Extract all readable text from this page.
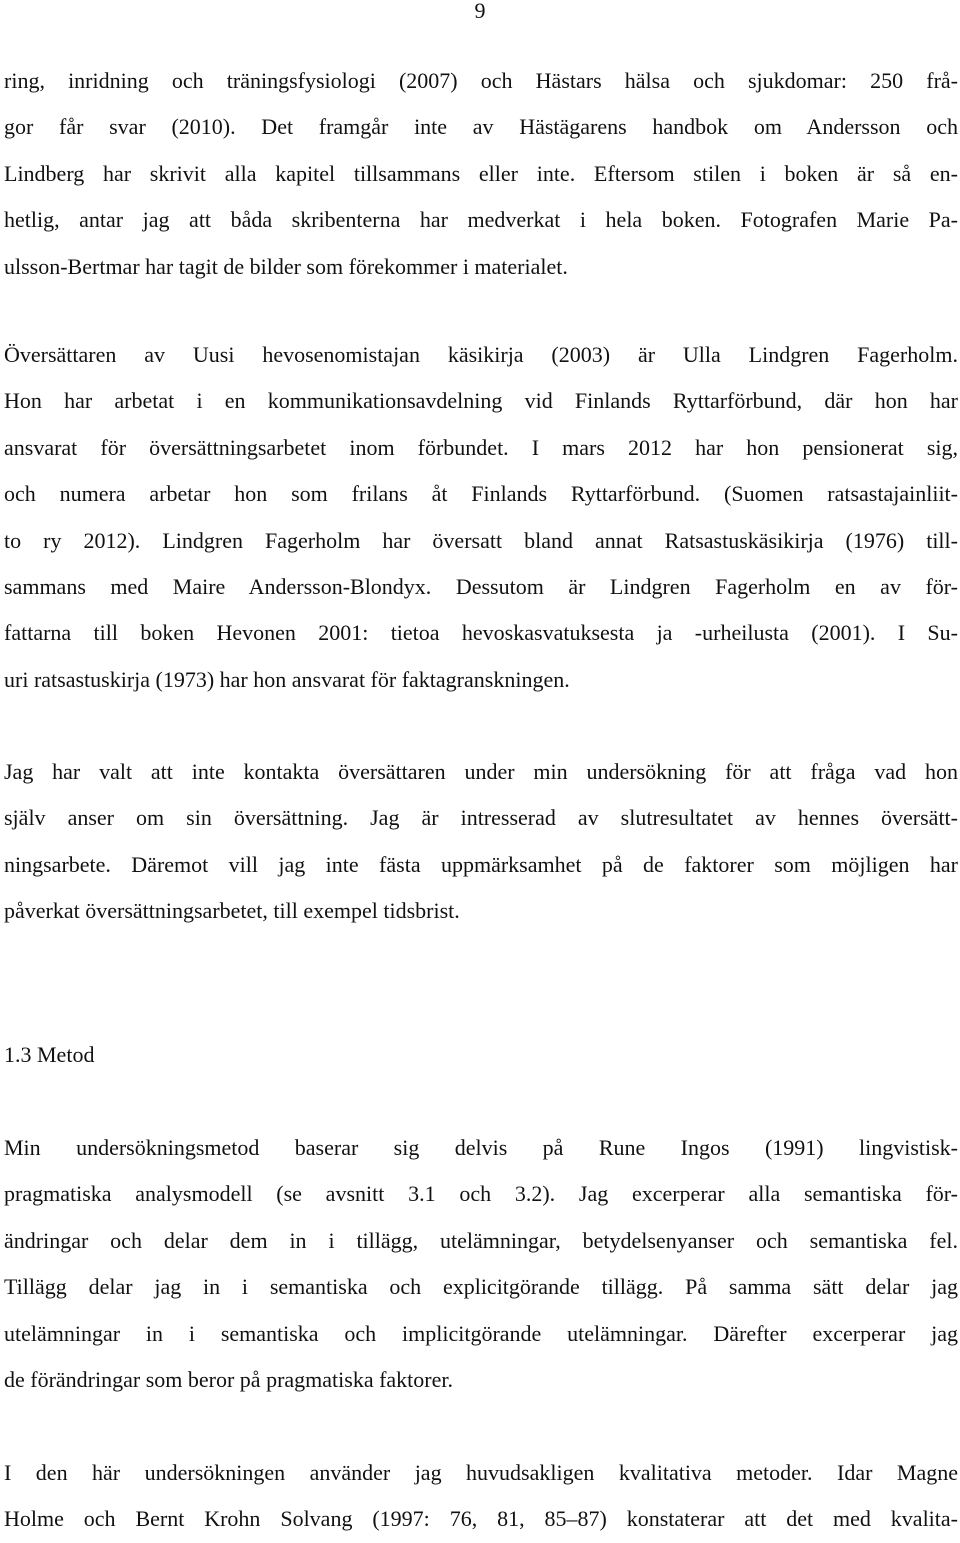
9
ring, inridning och träningsfysiologi (2007) och Hästars hälsa och sjukdomar: 250 frå-
gor får svar (2010). Det framgår inte av Hästägarens handbok om Andersson och
Lindberg har skrivit alla kapitel tillsammans eller inte. Eftersom stilen i boken är så en-
hetlig, antar jag att båda skribenterna har medverkat i hela boken. Fotografen Marie Pa-
ulsson-Bertmar har tagit de bilder som förekommer i materialet.
Översättaren av Uusi hevosenomistajan käsikirja (2003) är Ulla Lindgren Fagerholm.
Hon har arbetat i en kommunikationsavdelning vid Finlands Ryttarförbund, där hon har
ansvarat för översättningsarbetet inom förbundet. I mars 2012 har hon pensionerat sig,
och numera arbetar hon som frilans åt Finlands Ryttarförbund. (Suomen ratsastajainliit-
to ry 2012). Lindgren Fagerholm har översatt bland annat Ratsastuskäsikirja (1976) till-
sammans med Maire Andersson-Blondyx. Dessutom är Lindgren Fagerholm en av för-
fattarna till boken Hevonen 2001: tietoa hevoskasvatuksesta ja -urheilusta (2001). I Su-
uri ratsastuskirja (1973) har hon ansvarat för faktagranskningen.
Jag har valt att inte kontakta översättaren under min undersökning för att fråga vad hon
själv anser om sin översättning. Jag är intresserad av slutresultatet av hennes översätt-
ningsarbete. Däremot vill jag inte fästa uppmärksamhet på de faktorer som möjligen har
påverkat översättningsarbetet, till exempel tidsbrist.
1.3 Metod
Min undersökningsmetod baserar sig delvis på Rune Ingos (1991) lingvistisk-
pragmatiska analysmodell (se avsnitt 3.1 och 3.2). Jag excerperar alla semantiska för-
ändringar och delar dem in i tillägg, utelämningar, betydelsenyanser och semantiska fel.
Tillägg delar jag in i semantiska och explicitgörande tillägg. På samma sätt delar jag
utelämningar in i semantiska och implicitgörande utelämningar. Därefter excerperar jag
de förändringar som beror på pragmatiska faktorer.
I den här undersökningen använder jag huvudsakligen kvalitativa metoder. Idar Magne
Holme och Bernt Krohn Solvang (1997: 76, 81, 85–87) konstaterar att det med kvalita-
